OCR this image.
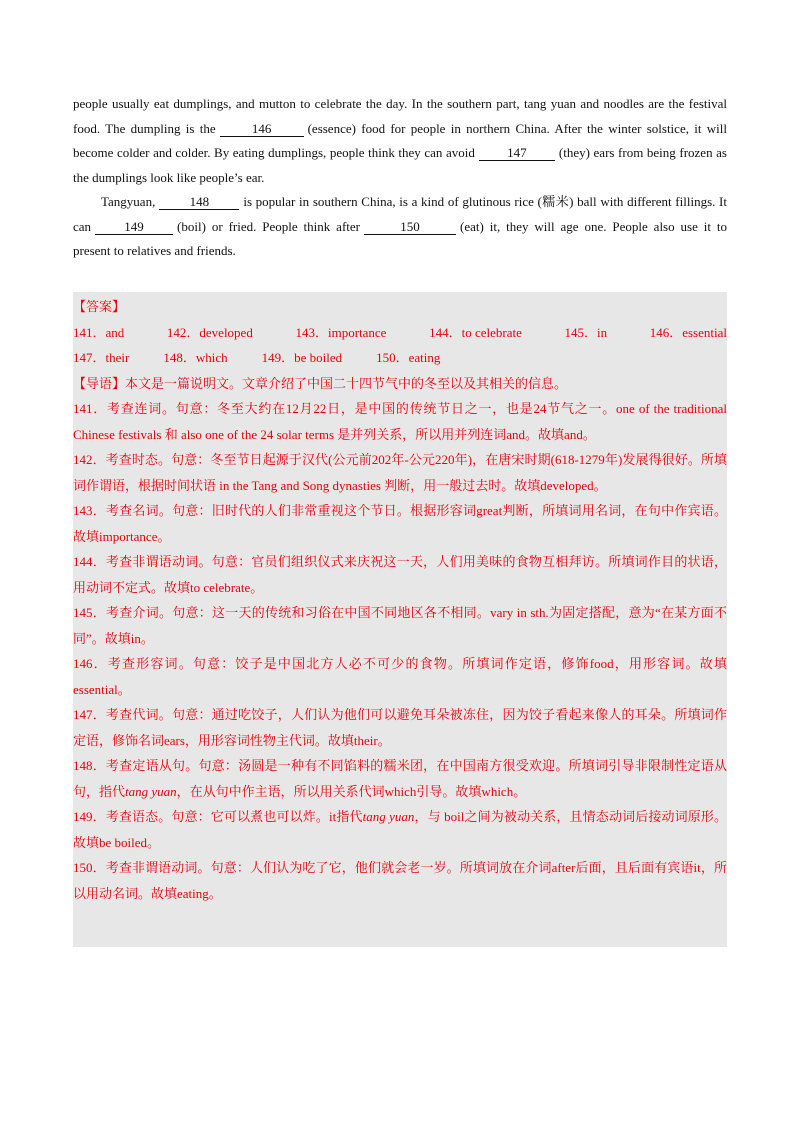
people usually eat dumplings, and mutton to celebrate the day. In the southern part, tang yuan and noodles are the festival food. The dumpling is the	146	(essence) food for people in northern China. After the winter solstice, it will become colder and colder. By eating dumplings, people think they can avoid 147 (they) ears from being frozen as the dumplings look like people’s ear.

Tangyuan,	148	is popular in southern China, is a kind of glutinous rice (糯米) ball with different fillings. It can	149	(boil) or fried. People think after	150	(eat) it, they will age one. People also use it to present to relatives and friends.

【答案】
141．and	142．developed	143．importance	144．to celebrate	145．in	146．essential
147．their	148．which	149．be boiled	150．eating

【导语】本文是一篇说明文。文章介绍了中国二十四节气中的冬至以及其相关的信息。

141．考查连词。句意：冬至大约在12月22日，是中国的传统节日之一，也是24节气之一。one of the traditional Chinese festivals 和 also one of the 24 solar terms 是并列关系，所以用并列连词and。故填and。

142．考查时态。句意：冬至节日起源于汉代(公元前202年-公元220年)，在唐宋时期(618-1279年)发展得很好。所填词作谓语，根据时间状语 in the Tang and Song dynasties 判断，用一般过去时。故填developed。

143．考查名词。句意：旧时代的人们非常重视这个节日。根据形容词great判断，所填词用名词，在句中作宾语。故填importance。

144．考查非谓语动词。句意：官员们组织仪式来庆祝这一天，人们用美味的食物互相拜访。所填词作目的状语，用动词不定式。故填to celebrate。

145．考查介词。句意：这一天的传统和习俗在中国不同地区各不相同。vary in sth.为固定搭配，意为“在某方面不同”。故填in。

146．考查形容词。句意：饺子是中国北方人必不可少的食物。所填词作定语，修饰food，用形容词。故填essential。

147．考查代词。句意：通过吃饺子，人们认为他们可以避免耳朵被冻住，因为饺子看起来像人的耳朵。所填词作定语，修饰名词ears，用形容词性物主代词。故填their。

148．考查定语从句。句意：汤圆是一种有不同馅料的糯米团，在中国南方很受欢迎。所填词引导非限制性定语从句，指代tang yuan，在从句中作主语，所以用关系代词which引导。故填which。

149．考查语态。句意：它可以煮也可以炸。it指代tang yuan，与 boil之间为被动关系，且情态动词后接动词原形。故填be boiled。

150．考查非谓语动词。句意：人们认为吃了它，他们就会老一岁。所填词放在介词after后面，且后面有宾语it，所以用动名词。故填eating。
